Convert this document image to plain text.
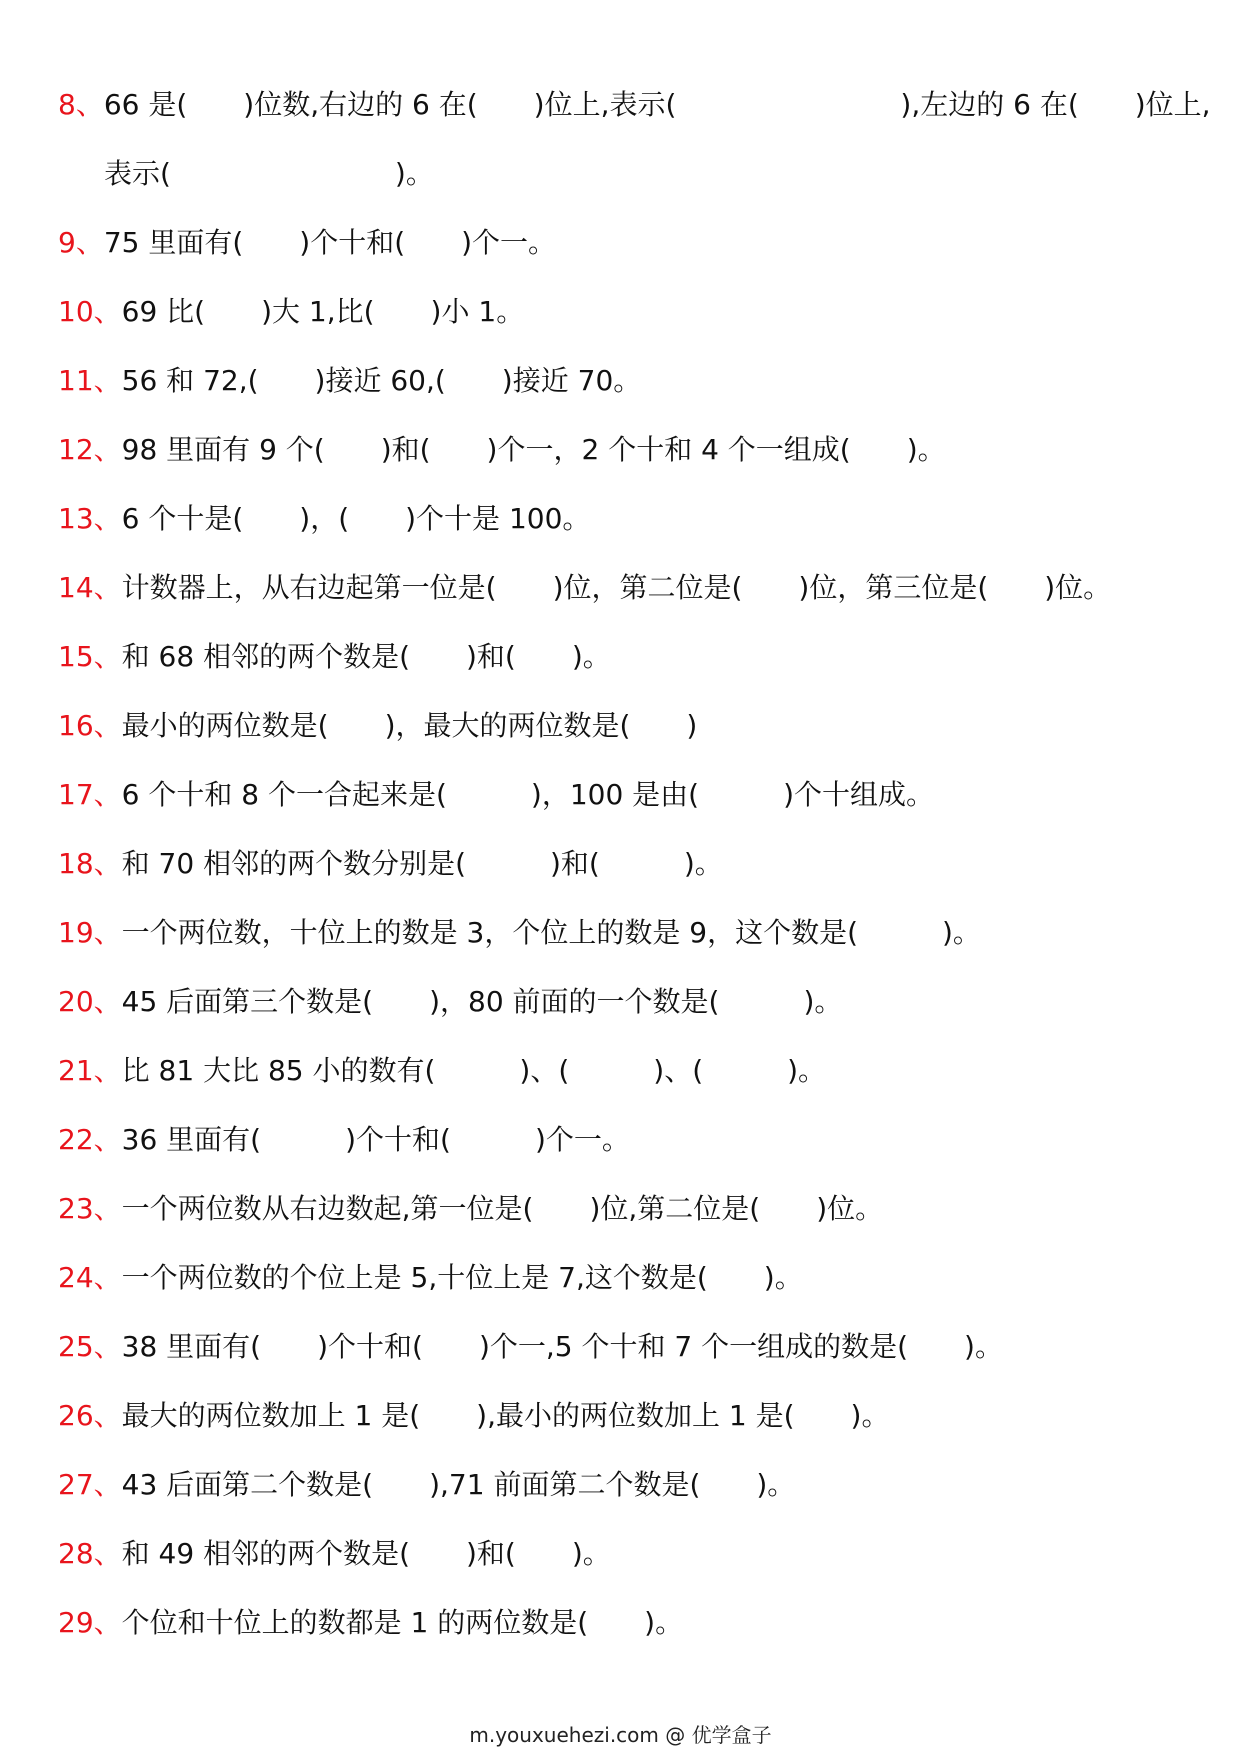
8、66 是(  )位数,右边的 6 在(  )位上,表示(        ),左边的 6 在(  )位上,
表示(        )。
9、75 里面有(  )个十和(  )个一。
10、69 比(  )大 1,比(  )小 1。
11、56 和 72,(  )接近 60,(  )接近 70。
12、98 里面有 9 个(  )和(  )个一，2 个十和 4 个一组成(  )。
13、6 个十是(  )，(  )个十是 100。
14、计数器上，从右边起第一位是(  )位，第二位是(  )位，第三位是(  )位。
15、和 68 相邻的两个数是(  )和(  )。
16、最小的两位数是(  )，最大的两位数是(  )
17、6 个十和 8 个一合起来是(   )，100 是由(   )个十组成。
18、和 70 相邻的两个数分别是(   )和(   )。
19、一个两位数，十位上的数是 3，个位上的数是 9，这个数是(   )。
20、45 后面第三个数是(  )，80 前面的一个数是(   )。
21、比 81 大比 85 小的数有(   )、(   )、(   )。
22、36 里面有(   )个十和(   )个一。
23、一个两位数从右边数起,第一位是(  )位,第二位是(  )位。
24、一个两位数的个位上是 5,十位上是 7,这个数是(  )。
25、38 里面有(  )个十和(  )个一,5 个十和 7 个一组成的数是(  )。
26、最大的两位数加上 1 是(  ),最小的两位数加上 1 是(  )。
27、43 后面第二个数是(  ),71 前面第二个数是(  )。
28、和 49 相邻的两个数是(  )和(  )。
29、个位和十位上的数都是 1 的两位数是(  )。
m.youxuehezi.com @ 优学盒子
